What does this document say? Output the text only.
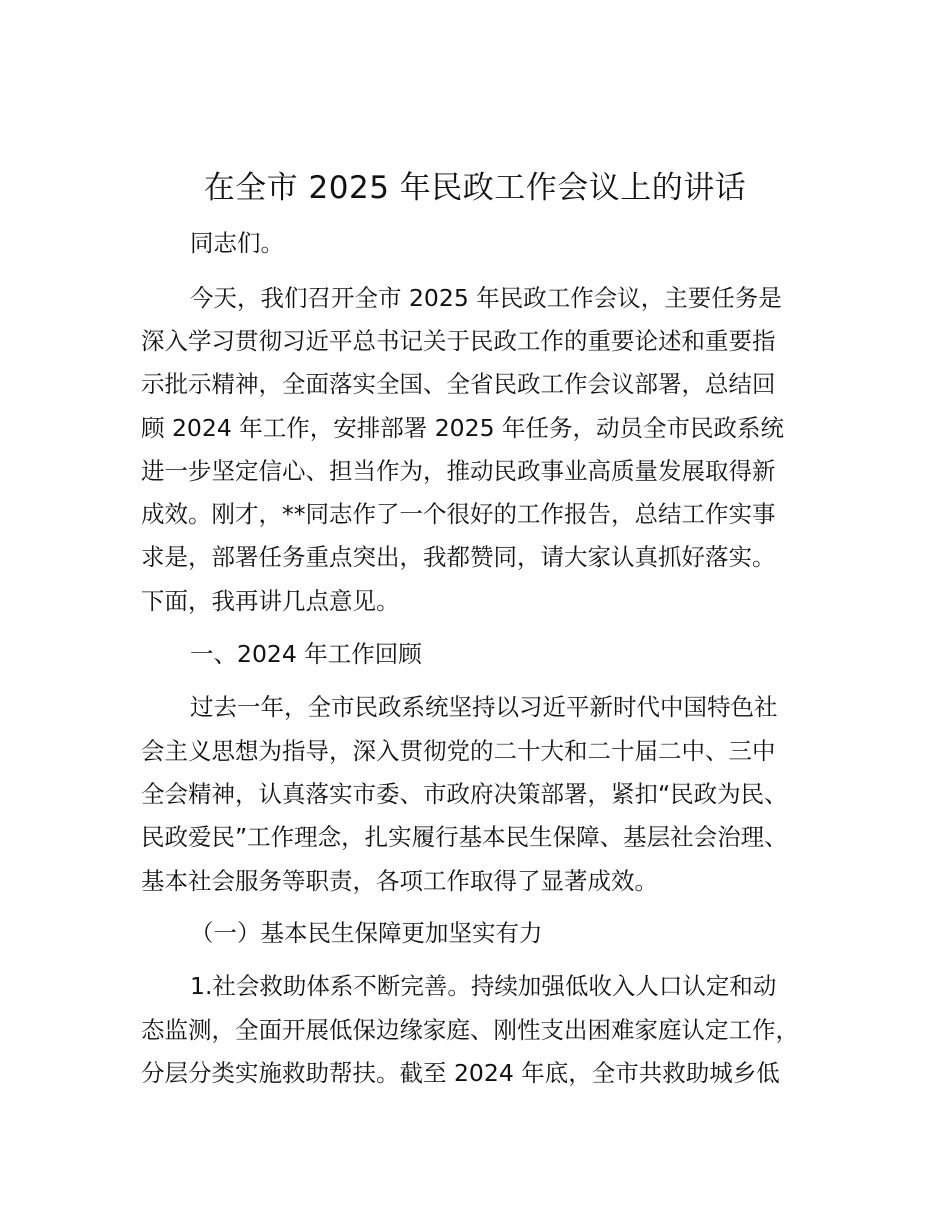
在全市 2025 年民政工作会议上的讲话
同志们。
今天，我们召开全市 2025 年民政工作会议，主要任务是
深入学习贯彻习近平总书记关于民政工作的重要论述和重要指
示批示精神，全面落实全国、全省民政工作会议部署，总结回
顾 2024 年工作，安排部署 2025 年任务，动员全市民政系统
进一步坚定信心、担当作为，推动民政事业高质量发展取得新
成效。刚才，**同志作了一个很好的工作报告，总结工作实事
求是，部署任务重点突出，我都赞同，请大家认真抓好落实。
下面，我再讲几点意见。
一、2024 年工作回顾
过去一年，全市民政系统坚持以习近平新时代中国特色社
会主义思想为指导，深入贯彻党的二十大和二十届二中、三中
全会精神，认真落实市委、市政府决策部署，紧扣“民政为民、
民政爱民”工作理念，扎实履行基本民生保障、基层社会治理、
基本社会服务等职责，各项工作取得了显著成效。
（一）基本民生保障更加坚实有力
1.社会救助体系不断完善。持续加强低收入人口认定和动
态监测，全面开展低保边缘家庭、刚性支出困难家庭认定工作，
分层分类实施救助帮扶。截至 2024 年底，全市共救助城乡低
